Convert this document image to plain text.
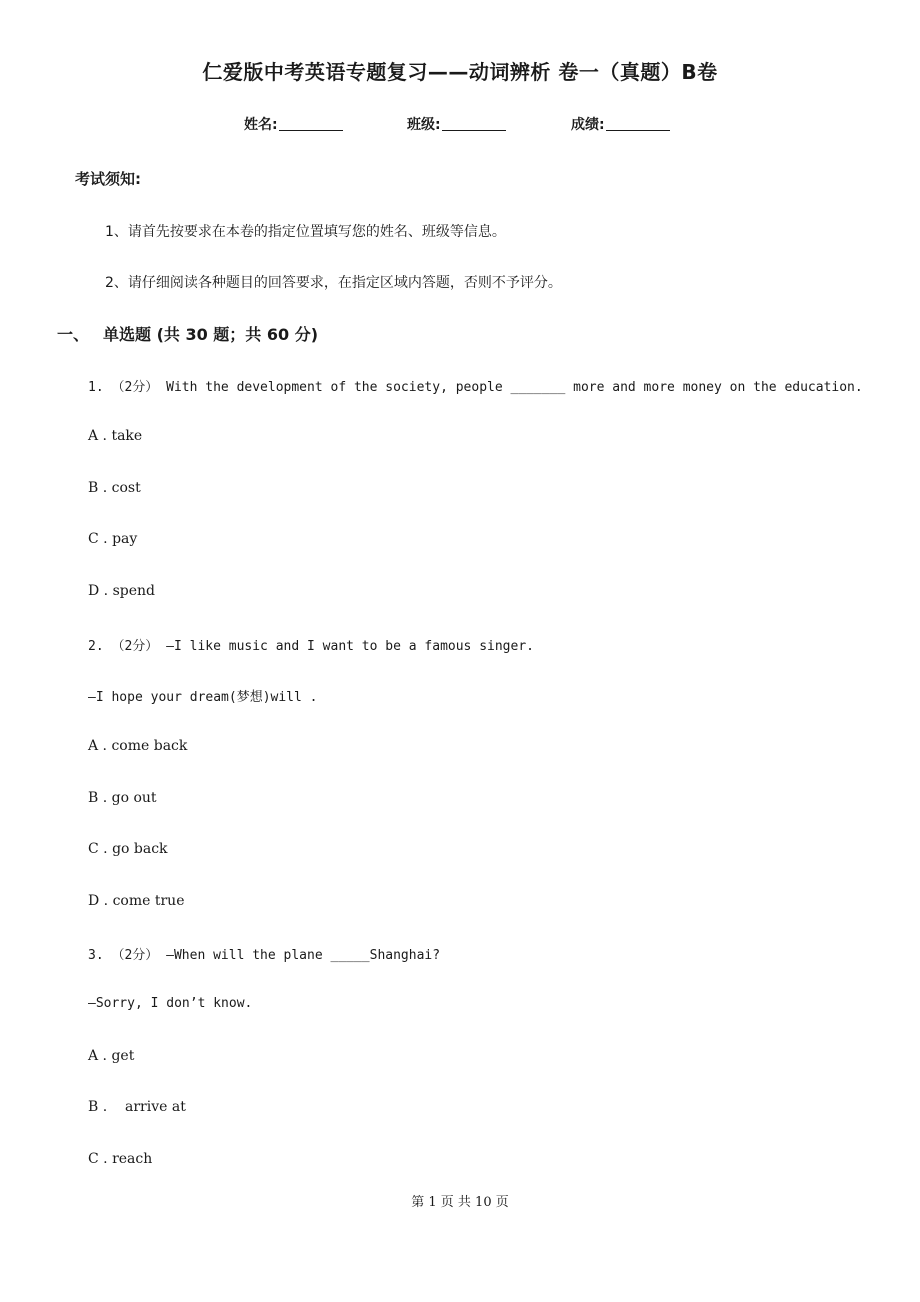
仁爱版中考英语专题复习——动词辨析 卷一（真题）B卷
姓名:	班级:	成绩:
考试须知:
1、请首先按要求在本卷的指定位置填写您的姓名、班级等信息。
2、请仔细阅读各种题目的回答要求，在指定区域内答题，否则不予评分。
一、 单选题 (共 30 题；共 60 分)
1. （2分） With the development of the society, people _______ more and more money on the education.
A . take
B . cost
C . pay
D . spend
2. （2分） —I like music and I want to be a famous singer.
—I hope your dream(梦想)will .
A . come back
B . go out
C . go back
D . come true
3. （2分） —When will the plane _____Shanghai?
—Sorry, I don’t know.
A . get
B .    arrive at
C . reach
第 1 页 共 10 页
